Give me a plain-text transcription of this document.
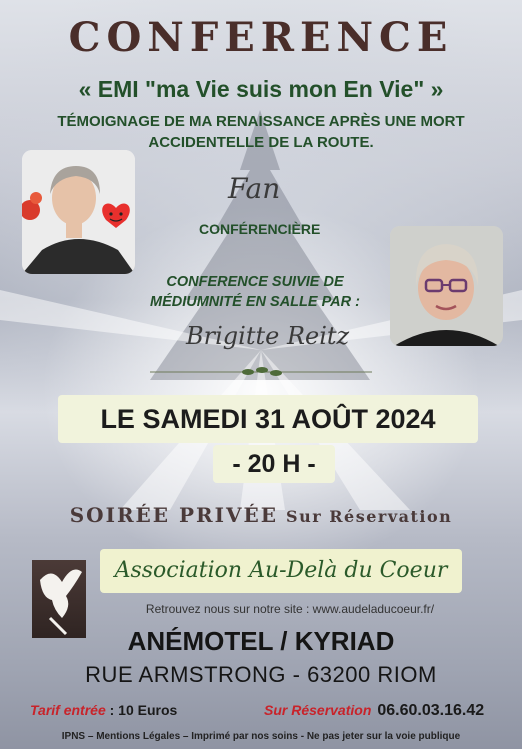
CONFERENCE
« EMI "ma Vie suis mon En Vie" »
TÉMOIGNAGE DE MA RENAISSANCE APRÈS UNE MORT ACCIDENTELLE DE LA ROUTE.
Fan
CONFÉRENCIÈRE
CONFERENCE SUIVIE DE MÉDIUMNITÉ EN SALLE PAR :
Brigitte Reitz
LE SAMEDI 31 AOÛT 2024
- 20 H -
SOIRÉE PRIVÉE Sur Réservation
Association Au-Delà du Coeur
Retrouvez nous sur notre site : www.audeladucoeur.fr/
ANÉMOTEL / KYRIAD
RUE ARMSTRONG - 63200 RIOM
Tarif entrée : 10 Euros	Sur Réservation 06.60.03.16.42
IPNS – Mentions Légales – Imprimé par nos soins - Ne pas jeter sur la voie publique
